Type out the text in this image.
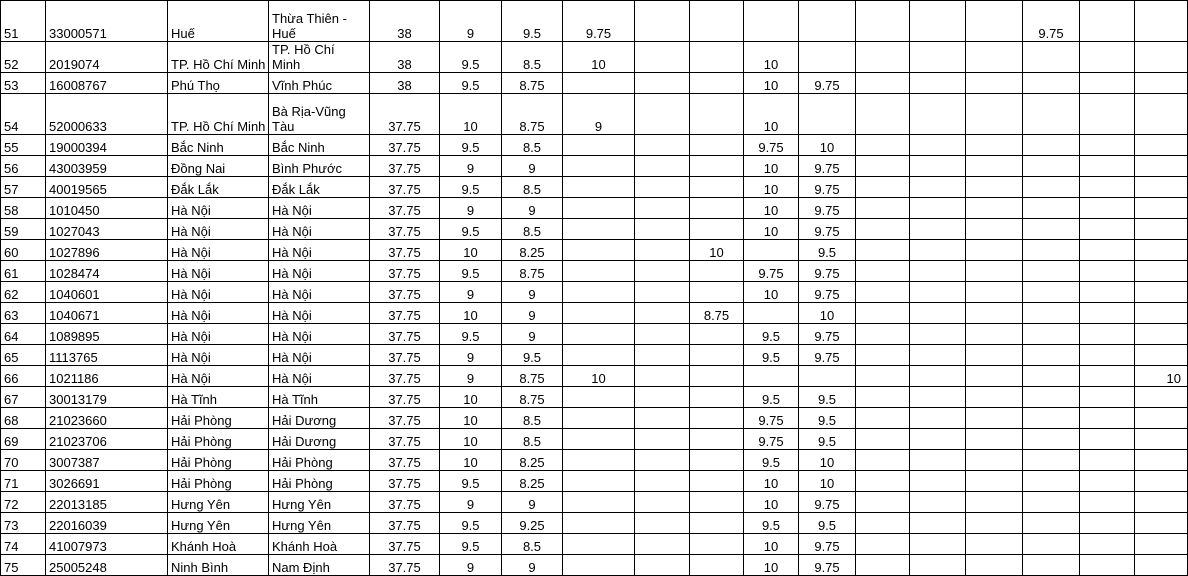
51	33000571	Huế	Thừa Thiên -Huế	38	9	9.5	9.75								9.75		
52	2019074	TP. Hồ Chí Minh	TP. Hồ Chí Minh	38	9.5	8.5	10			10							
53	16008767	Phú Thọ	Vĩnh Phúc	38	9.5	8.75				10	9.75						
54	52000633	TP. Hồ Chí Minh	Bà Rịa-Vũng Tàu	37.75	10	8.75	9			10							
55	19000394	Bắc Ninh	Bắc Ninh	37.75	9.5	8.5				9.75	10						
56	43003959	Đồng Nai	Bình Phước	37.75	9	9				10	9.75						
57	40019565	Đắk Lắk	Đắk Lắk	37.75	9.5	8.5				10	9.75						
58	1010450	Hà Nội	Hà Nội	37.75	9	9				10	9.75						
59	1027043	Hà Nội	Hà Nội	37.75	9.5	8.5				10	9.75						
60	1027896	Hà Nội	Hà Nội	37.75	10	8.25			10		9.5						
61	1028474	Hà Nội	Hà Nội	37.75	9.5	8.75				9.75	9.75						
62	1040601	Hà Nội	Hà Nội	37.75	9	9				10	9.75						
63	1040671	Hà Nội	Hà Nội	37.75	10	9			8.75		10						
64	1089895	Hà Nội	Hà Nội	37.75	9.5	9				9.5	9.75						
65	1113765	Hà Nội	Hà Nội	37.75	9	9.5				9.5	9.75						
66	1021186	Hà Nội	Hà Nội	37.75	9	8.75	10										10
67	30013179	Hà Tĩnh	Hà Tĩnh	37.75	10	8.75				9.5	9.5						
68	21023660	Hải Phòng	Hải Dương	37.75	10	8.5				9.75	9.5						
69	21023706	Hải Phòng	Hải Dương	37.75	10	8.5				9.75	9.5						
70	3007387	Hải Phòng	Hải Phòng	37.75	10	8.25				9.5	10						
71	3026691	Hải Phòng	Hải Phòng	37.75	9.5	8.25				10	10						
72	22013185	Hưng Yên	Hưng Yên	37.75	9	9				10	9.75						
73	22016039	Hưng Yên	Hưng Yên	37.75	9.5	9.25				9.5	9.5						
74	41007973	Khánh Hoà	Khánh Hoà	37.75	9.5	8.5				10	9.75						
75	25005248	Ninh Bình	Nam Định	37.75	9	9				10	9.75						
